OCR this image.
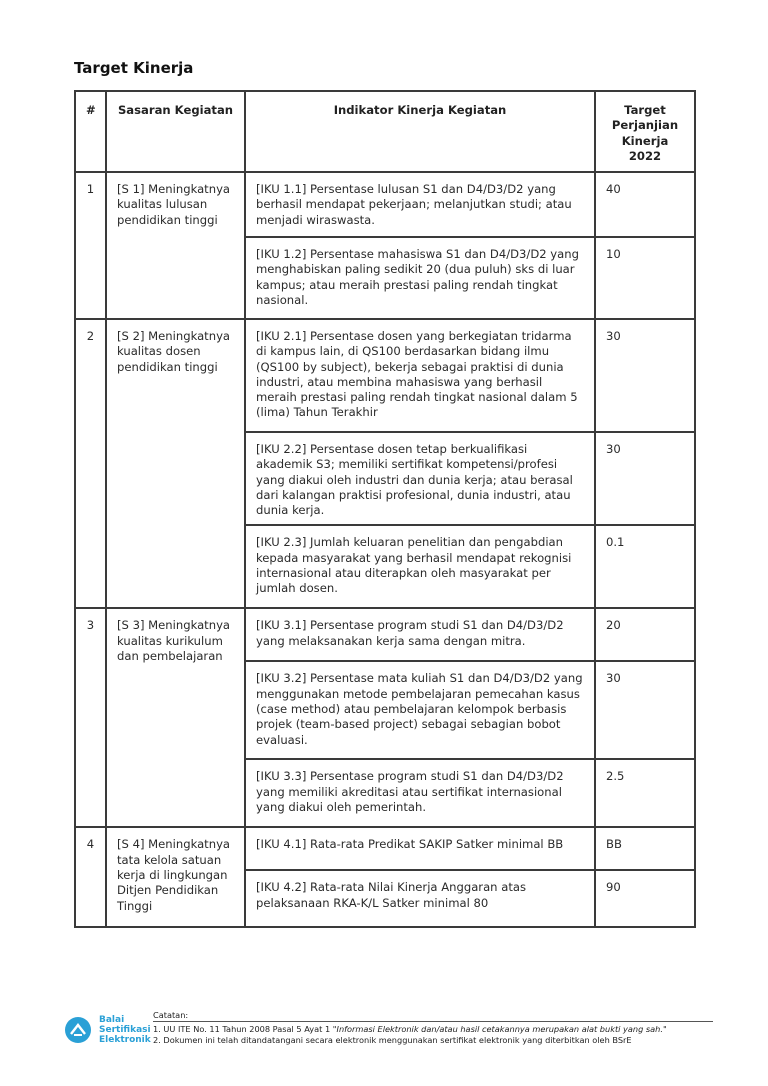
Target Kinerja
#	Sasaran Kegiatan	Indikator Kinerja Kegiatan	Target Perjanjian Kinerja 2022
1	[S 1] Meningkatnya kualitas lulusan pendidikan tinggi	[IKU 1.1] Persentase lulusan S1 dan D4/D3/D2 yang berhasil mendapat pekerjaan; melanjutkan studi; atau menjadi wiraswasta.	40
		[IKU 1.2] Persentase mahasiswa S1 dan D4/D3/D2 yang menghabiskan paling sedikit 20 (dua puluh) sks di luar kampus; atau meraih prestasi paling rendah tingkat nasional.	10
2	[S 2] Meningkatnya kualitas dosen pendidikan tinggi	[IKU 2.1] Persentase dosen yang berkegiatan tridarma di kampus lain, di QS100 berdasarkan bidang ilmu (QS100 by subject), bekerja sebagai praktisi di dunia industri, atau membina mahasiswa yang berhasil meraih prestasi paling rendah tingkat nasional dalam 5 (lima) Tahun Terakhir	30
		[IKU 2.2] Persentase dosen tetap berkualifikasi akademik S3; memiliki sertifikat kompetensi/profesi yang diakui oleh industri dan dunia kerja; atau berasal dari kalangan praktisi profesional, dunia industri, atau dunia kerja.	30
		[IKU 2.3] Jumlah keluaran penelitian dan pengabdian kepada masyarakat yang berhasil mendapat rekognisi internasional atau diterapkan oleh masyarakat per jumlah dosen.	0.1
3	[S 3] Meningkatnya kualitas kurikulum dan pembelajaran	[IKU 3.1] Persentase program studi S1 dan D4/D3/D2 yang melaksanakan kerja sama dengan mitra.	20
		[IKU 3.2] Persentase mata kuliah S1 dan D4/D3/D2 yang menggunakan metode pembelajaran pemecahan kasus (case method) atau pembelajaran kelompok berbasis projek (team-based project) sebagai sebagian bobot evaluasi.	30
		[IKU 3.3] Persentase program studi S1 dan D4/D3/D2 yang memiliki akreditasi atau sertifikat internasional yang diakui oleh pemerintah.	2.5
4	[S 4] Meningkatnya tata kelola satuan kerja di lingkungan Ditjen Pendidikan Tinggi	[IKU 4.1] Rata-rata Predikat SAKIP Satker minimal BB	BB
		[IKU 4.2] Rata-rata Nilai Kinerja Anggaran atas pelaksanaan RKA-K/L Satker minimal 80	90
Balai
Sertifikasi
Elektronik
Catatan:
1. UU ITE No. 11 Tahun 2008 Pasal 5 Ayat 1 "Informasi Elektronik dan/atau hasil cetakannya merupakan alat bukti yang sah."
2. Dokumen ini telah ditandatangani secara elektronik menggunakan sertifikat elektronik yang diterbitkan oleh BSrE
